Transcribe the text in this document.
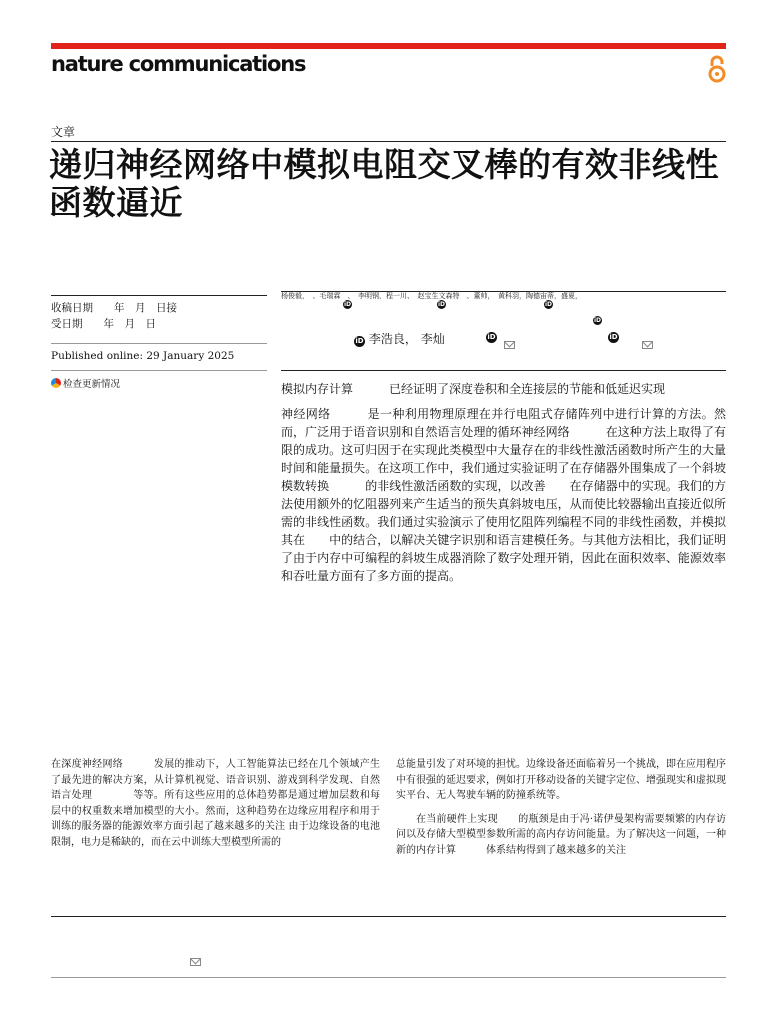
nature communications
文章
递归神经网络中模拟电阻交叉棒的有效非线性函数逼近
收稿日期　　年　月　日接
受日期　　年　月　日
Published online: 29 January 2025
检查更新情况
杨俊毅，　、毛瑞霖　、　李明钢，程一川、　赵宝生文森特　、董帅，　黄科羽，陶德宙蒂，盛夏，
iD	iD	iD
iD
iD 李浩良， 李灿	iD
	iD

模拟内存计算　　　已经证明了深度卷积和全连接层的节能和低延迟实现
神经网络　　　是一种利用物理原理在并行电阻式存储阵列中进行计算的方法。然而，广泛用于语音识别和自然语言处理的循环神经网络　　　在这种方法上取得了有限的成功。这可归因于在实现此类模型中大量存在的非线性激活函数时所产生的大量时间和能量损失。在这项工作中，我们通过实验证明了在存储器外围集成了一个斜坡模数转换　　　的非线性激活函数的实现，以改善　　在存储器中的实现。我们的方法使用额外的忆阻器列来产生适当的预失真斜坡电压，从而使比较器输出直接近似所需的非线性函数。我们通过实验演示了使用忆阻阵列编程不同的非线性函数，并模拟其在　　中的结合，以解决关键字识别和语言建模任务。与其他方法相比，我们证明了由于内存中可编程的斜坡生成器消除了数字处理开销，因此在面积效率、能源效率和吞吐量方面有了多方面的提高。
在深度神经网络　　　发展的推动下，人工智能算法已经在几个领域产生了最先进的解决方案，从计算机视觉、语音识别、游戏到科学发现、自然语言处理　　　　等等。所有这些应用的总体趋势都是通过增加层数和每层中的权重数来增加模型的大小。然而，这种趋势在边缘应用程序和用于训练的服务器的能源效率方面引起了越来越多的关注 由于边缘设备的电池限制，电力是稀缺的，而在云中训练大型模型所需的

总能量引发了对环境的担忧。边缘设备还面临着另一个挑战，即在应用程序中有很强的延迟要求，例如打开移动设备的关键字定位、增强现实和虚拟现实平台、无人驾驶车辆的防撞系统等。

在当前硬件上实现　　的瓶颈是由于冯·诺伊曼架构需要频繁的内存访问以及存储大型模型参数所需的高内存访问能量。为了解决这一问题，一种新的内存计算　　　体系结构得到了越来越多的关注
